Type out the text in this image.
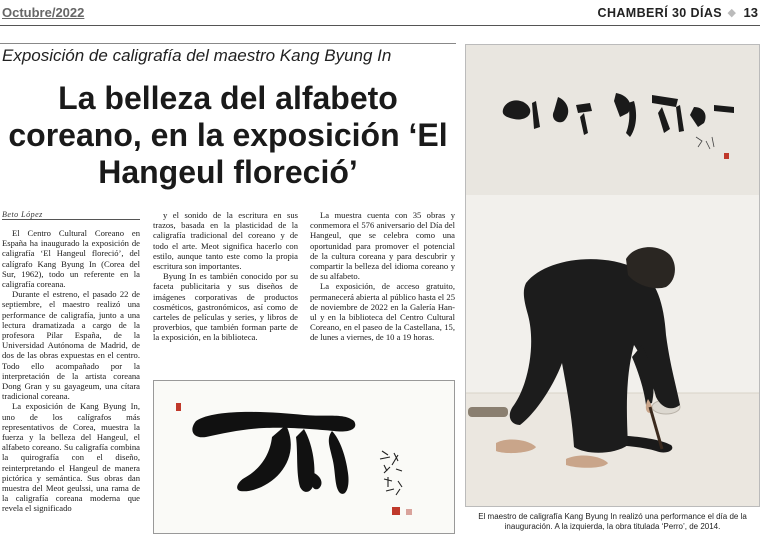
Octubre/2022	CHAMBERÍ 30 DÍAS ◆ 13
Exposición de caligrafía del maestro Kang Byung In
La belleza del alfabeto coreano, en la exposición ‘El Hangeul floreció’
Beto López

El Centro Cultural Coreano en España ha inaugurado la exposición de caligrafía ‘El Hangeul floreció’, del calígrafo Kang Byung In (Corea del Sur, 1962), todo un referente en la caligrafía coreana.

Durante el estreno, el pasado 22 de septiembre, el maestro realizó una performance de caligrafía, junto a una lectura dramatizada a cargo de la profesora Pilar España, de la Universidad Autónoma de Madrid, de dos de las obras expuestas en el centro. Todo ello acompañado por la interpretación de la artista coreana Dong Gran y su gayageum, una cítara tradicional coreana.

La exposición de Kang Byung In, uno de los calígrafos más representativos de Corea, muestra la fuerza y la belleza del Hangeul, el alfabeto coreano. Su caligrafía combina la quirografía con el diseño, reinterpretando el Hangeul de manera pictórica y semántica. Sus obras dan muestra del Meot geulssi, una rama de la caligrafía coreana moderna que revela el significado

y el sonido de la escritura en sus trazos, basada en la plasticidad de la caligrafía tradicional del coreano y de todo el arte. Meot significa hacerlo con estilo, aunque tanto este como la propia escritura son importantes.

Byung In es también conocido por su faceta publicitaria y sus diseños de imágenes corporativas de productos cosméticos, gastronómicos, así como de carteles de películas y series, y libros de proverbios, que también forman parte de la exposición, en la biblioteca.

La muestra cuenta con 35 obras y conmemora el 576 aniversario del Día del Hangeul, que se celebra como una oportunidad para promover el potencial de la cultura coreana y para descubrir y compartir la belleza del idioma coreano y de su alfabeto.

La exposición, de acceso gratuito, permanecerá abierta al público hasta el 25 de noviembre de 2022 en la Galería Han-ul y en la biblioteca del Centro Cultural Coreano, en el paseo de la Castellana, 15, de lunes a viernes, de 10 a 19 horas.

El maestro de caligrafía Kang Byung In realizó una performance el día de la inauguración. A la izquierda, la obra titulada ‘Perro’, de 2014.
